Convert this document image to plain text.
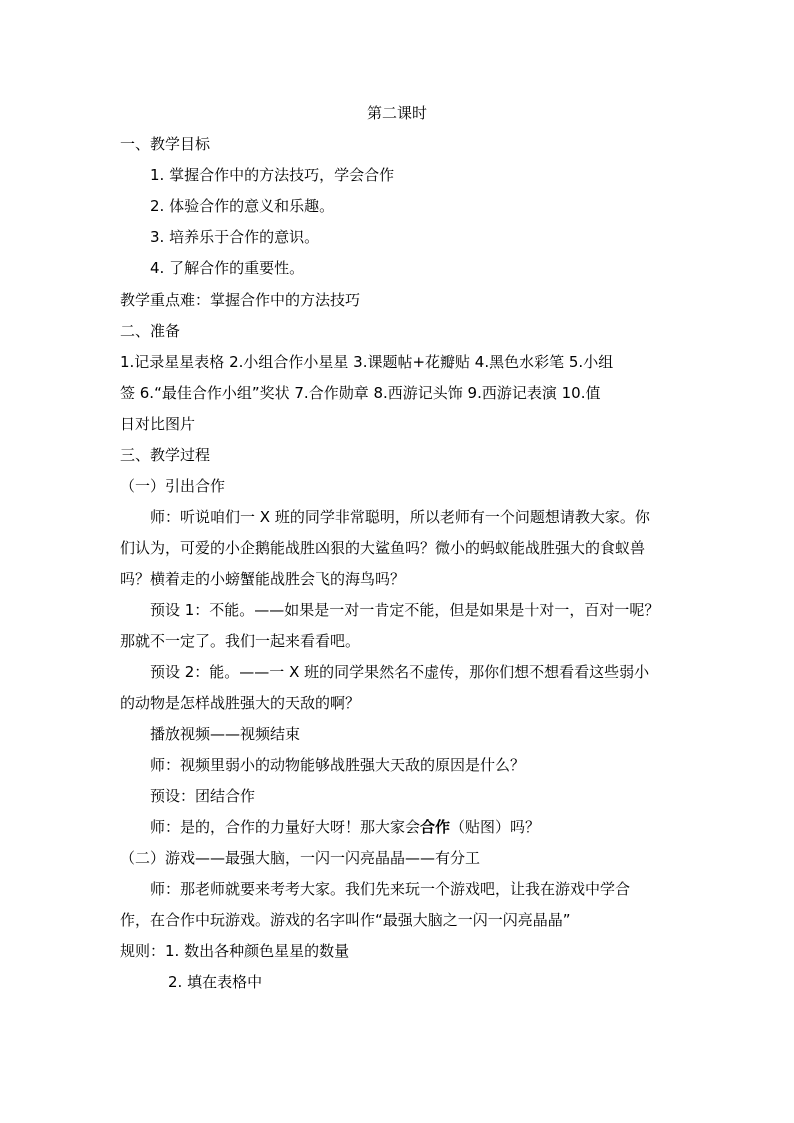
第二课时
一、教学目标
1. 掌握合作中的方法技巧，学会合作
2. 体验合作的意义和乐趣。
3. 培养乐于合作的意识。
4. 了解合作的重要性。
教学重点难：掌握合作中的方法技巧
二、准备
1.记录星星表格 2.小组合作小星星 3.课题帖+花瓣贴 4.黑色水彩笔 5.小组
签 6.“最佳合作小组”奖状 7.合作勋章 8.西游记头饰 9.西游记表演 10.值
日对比图片
三、教学过程
（一）引出合作
师：听说咱们一 X 班的同学非常聪明，所以老师有一个问题想请教大家。你
们认为，可爱的小企鹅能战胜凶狠的大鲨鱼吗？微小的蚂蚁能战胜强大的食蚁兽
吗？横着走的小螃蟹能战胜会飞的海鸟吗？
预设 1：不能。——如果是一对一肯定不能，但是如果是十对一，百对一呢？
那就不一定了。我们一起来看看吧。
预设 2：能。——一 X 班的同学果然名不虚传，那你们想不想看看这些弱小
的动物是怎样战胜强大的天敌的啊？
播放视频——视频结束
师：视频里弱小的动物能够战胜强大天敌的原因是什么？
预设：团结合作
师：是的，合作的力量好大呀！那大家会合作（贴图）吗？
（二）游戏——最强大脑，一闪一闪亮晶晶——有分工
师：那老师就要来考考大家。我们先来玩一个游戏吧，让我在游戏中学合
作，在合作中玩游戏。游戏的名字叫作“最强大脑之一闪一闪亮晶晶”
规则：1. 数出各种颜色星星的数量
2. 填在表格中
